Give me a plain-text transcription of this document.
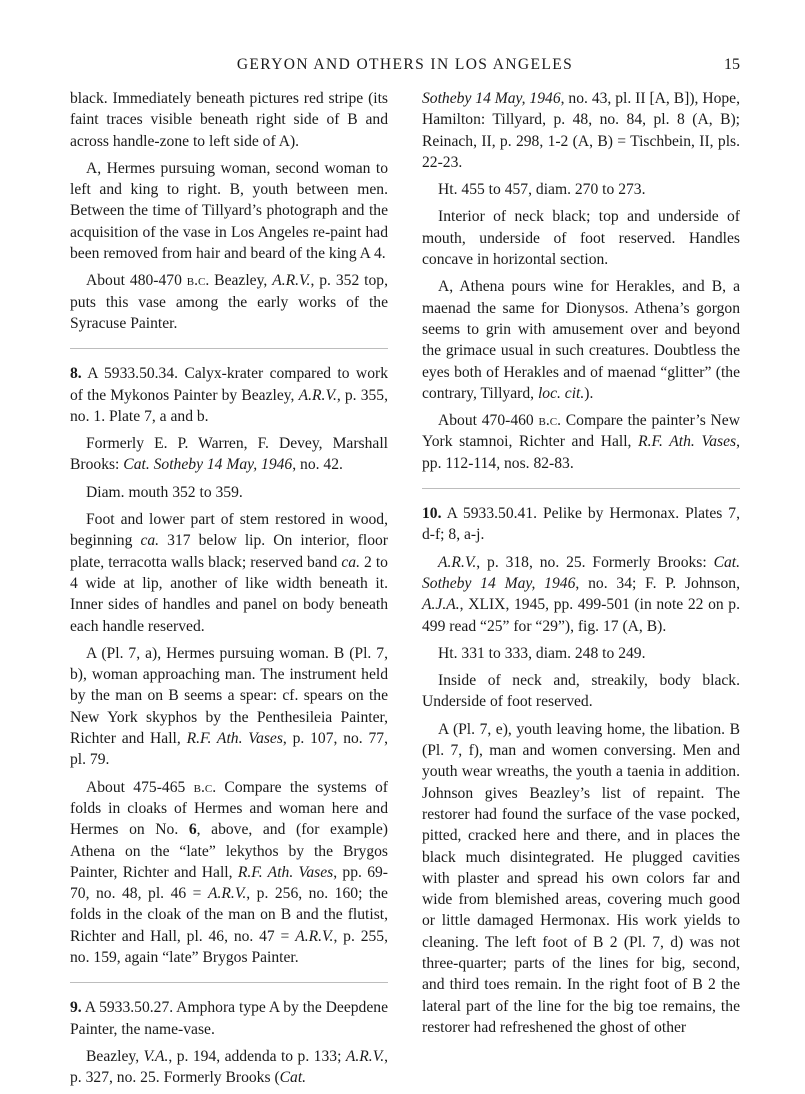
GERYON AND OTHERS IN LOS ANGELES	15

black. Immediately beneath pictures red stripe (its faint traces visible beneath right side of B and across handle-zone to left side of A).

A, Hermes pursuing woman, second woman to left and king to right. B, youth between men. Between the time of Tillyard’s photograph and the acquisition of the vase in Los Angeles re-paint had been removed from hair and beard of the king A 4.

About 480-470 b.c. Beazley, A.R.V., p. 352 top, puts this vase among the early works of the Syracuse Painter.

8. A 5933.50.34. Calyx-krater compared to work of the Mykonos Painter by Beazley, A.R.V., p. 355, no. 1. Plate 7, a and b.

Formerly E. P. Warren, F. Devey, Marshall Brooks: Cat. Sotheby 14 May, 1946, no. 42.

Diam. mouth 352 to 359.

Foot and lower part of stem restored in wood, beginning ca. 317 below lip. On interior, floor plate, terracotta walls black; reserved band ca. 2 to 4 wide at lip, another of like width beneath it. Inner sides of handles and panel on body beneath each handle reserved.

A (Pl. 7, a), Hermes pursuing woman. B (Pl. 7, b), woman approaching man. The instrument held by the man on B seems a spear: cf. spears on the New York skyphos by the Penthesileia Painter, Richter and Hall, R.F. Ath. Vases, p. 107, no. 77, pl. 79.

About 475-465 b.c. Compare the systems of folds in cloaks of Hermes and woman here and Hermes on No. 6, above, and (for example) Athena on the “late” lekythos by the Brygos Painter, Richter and Hall, R.F. Ath. Vases, pp. 69-70, no. 48, pl. 46 = A.R.V., p. 256, no. 160; the folds in the cloak of the man on B and the flutist, Richter and Hall, pl. 46, no. 47 = A.R.V., p. 255, no. 159, again “late” Brygos Painter.

9. A 5933.50.27. Amphora type A by the Deepdene Painter, the name-vase.

Beazley, V.A., p. 194, addenda to p. 133; A.R.V., p. 327, no. 25. Formerly Brooks (Cat.

Sotheby 14 May, 1946, no. 43, pl. II [A, B]), Hope, Hamilton: Tillyard, p. 48, no. 84, pl. 8 (A, B); Reinach, II, p. 298, 1-2 (A, B) = Tischbein, II, pls. 22-23.

Ht. 455 to 457, diam. 270 to 273.

Interior of neck black; top and underside of mouth, underside of foot reserved. Handles concave in horizontal section.

A, Athena pours wine for Herakles, and B, a maenad the same for Dionysos. Athena’s gorgon seems to grin with amusement over and beyond the grimace usual in such creatures. Doubtless the eyes both of Herakles and of maenad “glitter” (the contrary, Tillyard, loc. cit.).

About 470-460 b.c. Compare the painter’s New York stamnoi, Richter and Hall, R.F. Ath. Vases, pp. 112-114, nos. 82-83.

10. A 5933.50.41. Pelike by Hermonax. Plates 7, d-f; 8, a-j.

A.R.V., p. 318, no. 25. Formerly Brooks: Cat. Sotheby 14 May, 1946, no. 34; F. P. Johnson, A.J.A., XLIX, 1945, pp. 499-501 (in note 22 on p. 499 read “25” for “29”), fig. 17 (A, B).

Ht. 331 to 333, diam. 248 to 249.

Inside of neck and, streakily, body black. Underside of foot reserved.

A (Pl. 7, e), youth leaving home, the libation. B (Pl. 7, f), man and women conversing. Men and youth wear wreaths, the youth a taenia in addition. Johnson gives Beazley’s list of repaint. The restorer had found the surface of the vase pocked, pitted, cracked here and there, and in places the black much disintegrated. He plugged cavities with plaster and spread his own colors far and wide from blemished areas, covering much good or little damaged Hermonax. His work yields to cleaning. The left foot of B 2 (Pl. 7, d) was not three-quarter; parts of the lines for big, second, and third toes remain. In the right foot of B 2 the lateral part of the line for the big toe remains, the restorer had refreshened the ghost of other
